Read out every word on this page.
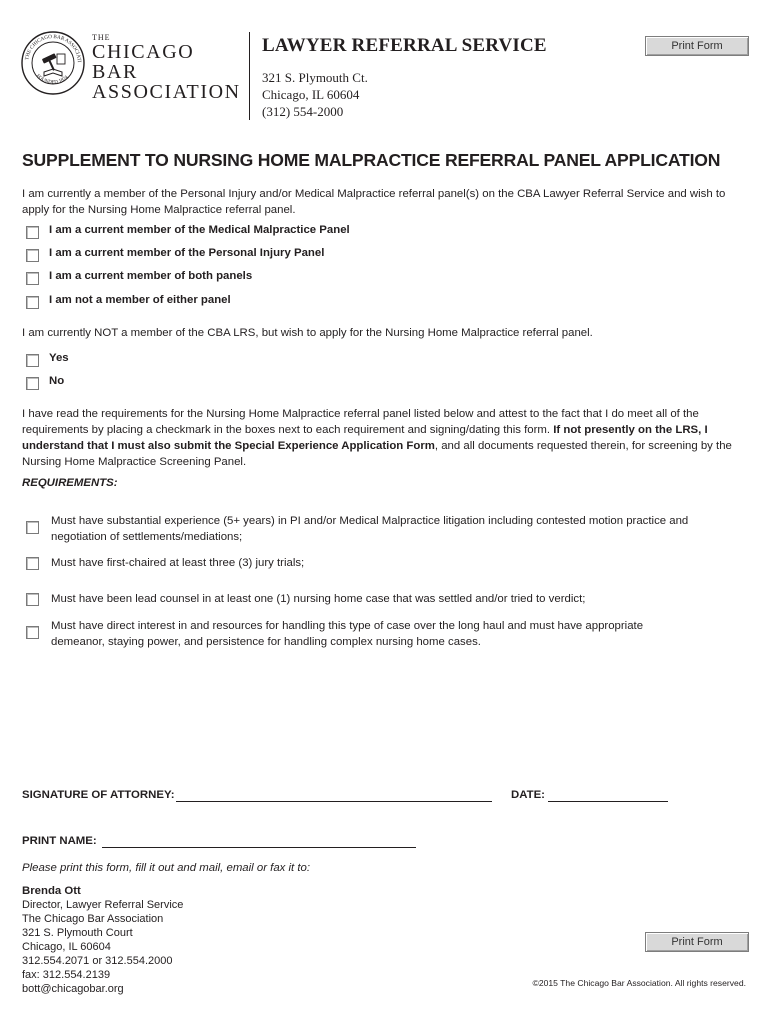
THE CHICAGO BAR ASSOCIATI
FOUNDED 1874
THE
CHICAGO
BAR
ASSOCIATION
LAWYER REFERRAL SERVICE
321 S. Plymouth Ct.
Chicago, IL 60604
(312) 554-2000
Print Form
SUPPLEMENT TO NURSING HOME MALPRACTICE REFERRAL PANEL APPLICATION
I am currently a member of the Personal Injury and/or Medical Malpractice referral panel(s) on the CBA Lawyer Referral Service and wish to apply for the Nursing Home Malpractice referral panel.
I am a current member of the Medical Malpractice Panel
I am a current member of the Personal Injury Panel
I am a current member of both panels
I am not a member of either panel
I am currently NOT a member of the CBA LRS, but wish to apply for the Nursing Home Malpractice referral panel.
Yes
No
I have read the requirements for the Nursing Home Malpractice referral panel listed below and attest to the fact that I do meet all of the requirements by placing a checkmark in the boxes next to each requirement and signing/dating this form. If not presently on the LRS, I understand that I must also submit the Special Experience Application Form, and all documents requested therein, for screening by the Nursing Home Malpractice Screening Panel.
REQUIREMENTS:
Must have substantial experience (5+ years) in PI and/or Medical Malpractice litigation including contested motion practice and negotiation of settlements/mediations;
Must have first-chaired at least three (3) jury trials;
Must have been lead counsel in at least one (1) nursing home case that was settled and/or tried to verdict;
Must have direct interest in and resources for handling this type of case over the long haul and must have appropriate demeanor, staying power, and persistence for handling complex nursing home cases.
SIGNATURE OF ATTORNEY:	DATE:
PRINT NAME:
Please print this form, fill it out and mail, email or fax it to:
Brenda Ott
Director, Lawyer Referral Service
The Chicago Bar Association
321 S. Plymouth Court
Chicago, IL 60604
312.554.2071 or 312.554.2000
fax: 312.554.2139
bott@chicagobar.org
Print Form
©2015 The Chicago Bar Association. All rights reserved.
